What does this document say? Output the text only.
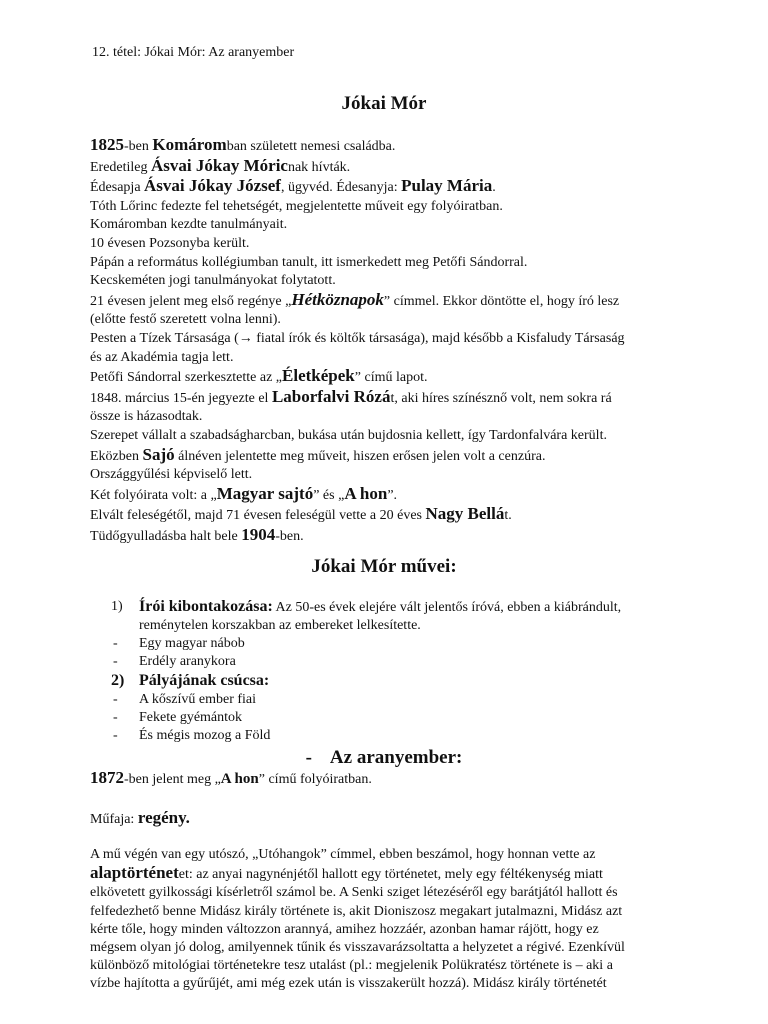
12. tétel: Jókai Mór: Az aranyember
Jókai Mór
1825-ben Komáromban született nemesi családba.
Eredetileg Ásvai Jókay Móricnak hívták.
Édesapja Ásvai Jókay József, ügyvéd. Édesanyja: Pulay Mária.
Tóth Lőrinc fedezte fel tehetségét, megjelentette műveit egy folyóiratban.
Komáromban kezdte tanulmányait.
10 évesen Pozsonyba került.
Pápán a református kollégiumban tanult, itt ismerkedett meg Petőfi Sándorral.
Kecskeméten jogi tanulmányokat folytatott.
21 évesen jelent meg első regénye „Hétköznapok” címmel. Ekkor döntötte el, hogy író lesz
(előtte festő szeretett volna lenni).
Pesten a Tízek Társasága (→ fiatal írók és költők társasága), majd később a Kisfaludy Társaság
és az Akadémia tagja lett.
Petőfi Sándorral szerkesztette az „Életképek” című lapot.
1848. március 15-én jegyezte el Laborfalvi Rózát, aki híres színésznő volt, nem sokra rá
össze is házasodtak.
Szerepet vállalt a szabadságharcban, bukása után bujdosnia kellett, így Tardonfalvára került.
Eközben Sajó álnéven jelentette meg műveit, hiszen erősen jelen volt a cenzúra.
Országgyűlési képviselő lett.
Két folyóirata volt: a „Magyar sajtó” és „A hon”.
Elvált feleségétől, majd 71 évesen feleségül vette a 20 éves Nagy Bellát.
Tüdőgyulladásba halt bele 1904-ben.
Jókai Mór művei:
1) Írói kibontakozása: Az 50-es évek elejére vált jelentős íróvá, ebben a kiábrándult, reménytelen korszakban az embereket lelkesítette.
- Egy magyar nábob
- Erdély aranykora
2) Pályájának csúcsa:
- A kőszívű ember fiai
- Fekete gyémántok
- És mégis mozog a Föld
-    Az aranyember:
1872-ben jelent meg „A hon” című folyóiratban.
Műfaja: regény.
A mű végén van egy utószó, „Utóhangok” címmel, ebben beszámol, hogy honnan vette az
alaptörténetet: az anyai nagynénjétől hallott egy történetet, mely egy féltékenység miatt
elkövetett gyilkossági kísérletről számol be. A Senki sziget létezéséről egy barátjától hallott és
felfedezhető benne Midász király története is, akit Dioniszosz megakart jutalmazni, Midász azt
kérte tőle, hogy minden változzon arannyá, amihez hozzáér, azonban hamar rájött, hogy ez
mégsem olyan jó dolog, amilyennek tűnik és visszavarázsoltatta a helyzetet a régivé. Ezenkívül
különböző mitológiai történetekre tesz utalást (pl.: megjelenik Polükratész története is – aki a
vízbe hajította a gyűrűjét, ami még ezek után is visszakerült hozzá). Midász király történetét
